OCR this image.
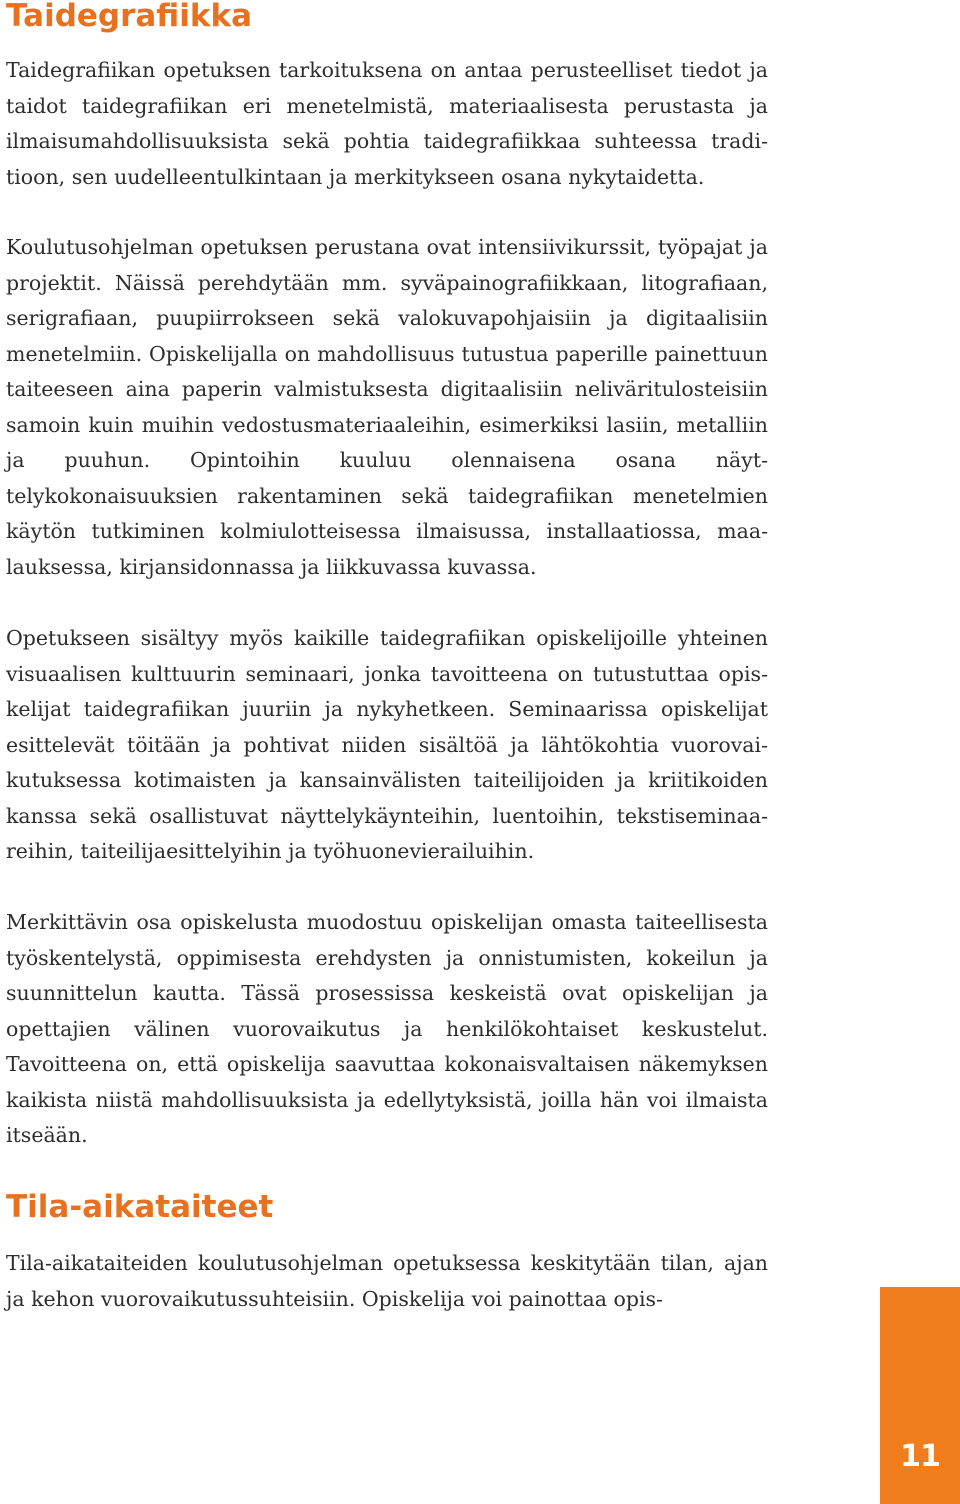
Taidegrafiikka

Taidegrafiikan opetuksen tarkoituksena on antaa perusteelliset tiedot ja taidot taidegrafiikan eri menetelmistä, materiaalisesta perustasta ja ilmaisumahdollisuuksista sekä pohtia taidegrafiikkaa suhteessa traditioon, sen uudelleentulkintaan ja merkitykseen osana nykytaidetta.

Koulutusohjelman opetuksen perustana ovat intensiivikurssit, työpajat ja projektit. Näissä perehdytään mm. syväpainografiikkaan, litografiaan, serigrafiaan, puupiirrokseen sekä valokuvapohjaisiin ja digitaalisiin menetelmiin. Opiskelijalla on mahdollisuus tutustua paperille painettuun taiteeseen aina paperin valmistuksesta digitaalisiin neliväritulosteisiin samoin kuin muihin vedostusmateriaaleihin, esimerkiksi lasiin, metalliin ja puuhun. Opintoihin kuuluu olennaisena osana näyttelykokonaisuuksien rakentaminen sekä taidegrafiikan menetelmien käytön tutkiminen kolmiulotteisessa ilmaisussa, installaatiossa, maalauksessa, kirjansidonnassa ja liikkuvassa kuvassa.

Opetukseen sisältyy myös kaikille taidegrafiikan opiskelijoille yhteinen visuaalisen kulttuurin seminaari, jonka tavoitteena on tutustuttaa opiskelijat taidegrafiikan juuriin ja nykyhetkeen. Seminaarissa opiskelijat esittelevät töitään ja pohtivat niiden sisältöä ja lähtökohtia vuorovaikutuksessa kotimaisten ja kansainvälisten taiteilijoiden ja kriitikoiden kanssa sekä osallistuvat näyttelykäynteihin, luentoihin, tekstiseminaareihin, taiteilijaesittelyihin ja työhuonevierailuihin.

Merkittävin osa opiskelusta muodostuu opiskelijan omasta taiteellisesta työskentelystä, oppimisesta erehdysten ja onnistumisten, kokeilun ja suunnittelun kautta. Tässä prosessissa keskeistä ovat opiskelijan ja opettajien välinen vuorovaikutus ja henkilökohtaiset keskustelut. Tavoitteena on, että opiskelija saavuttaa kokonaisvaltaisen näkemyksen kaikista niistä mahdollisuuksista ja edellytyksistä, joilla hän voi ilmaista itseään.

Tila-aikataiteet

Tila-aikataiteiden koulutusohjelman opetuksessa keskitytään tilan, ajan ja kehon vuorovaikutussuhteisiin. Opiskelija voi painottaa opis-

11
